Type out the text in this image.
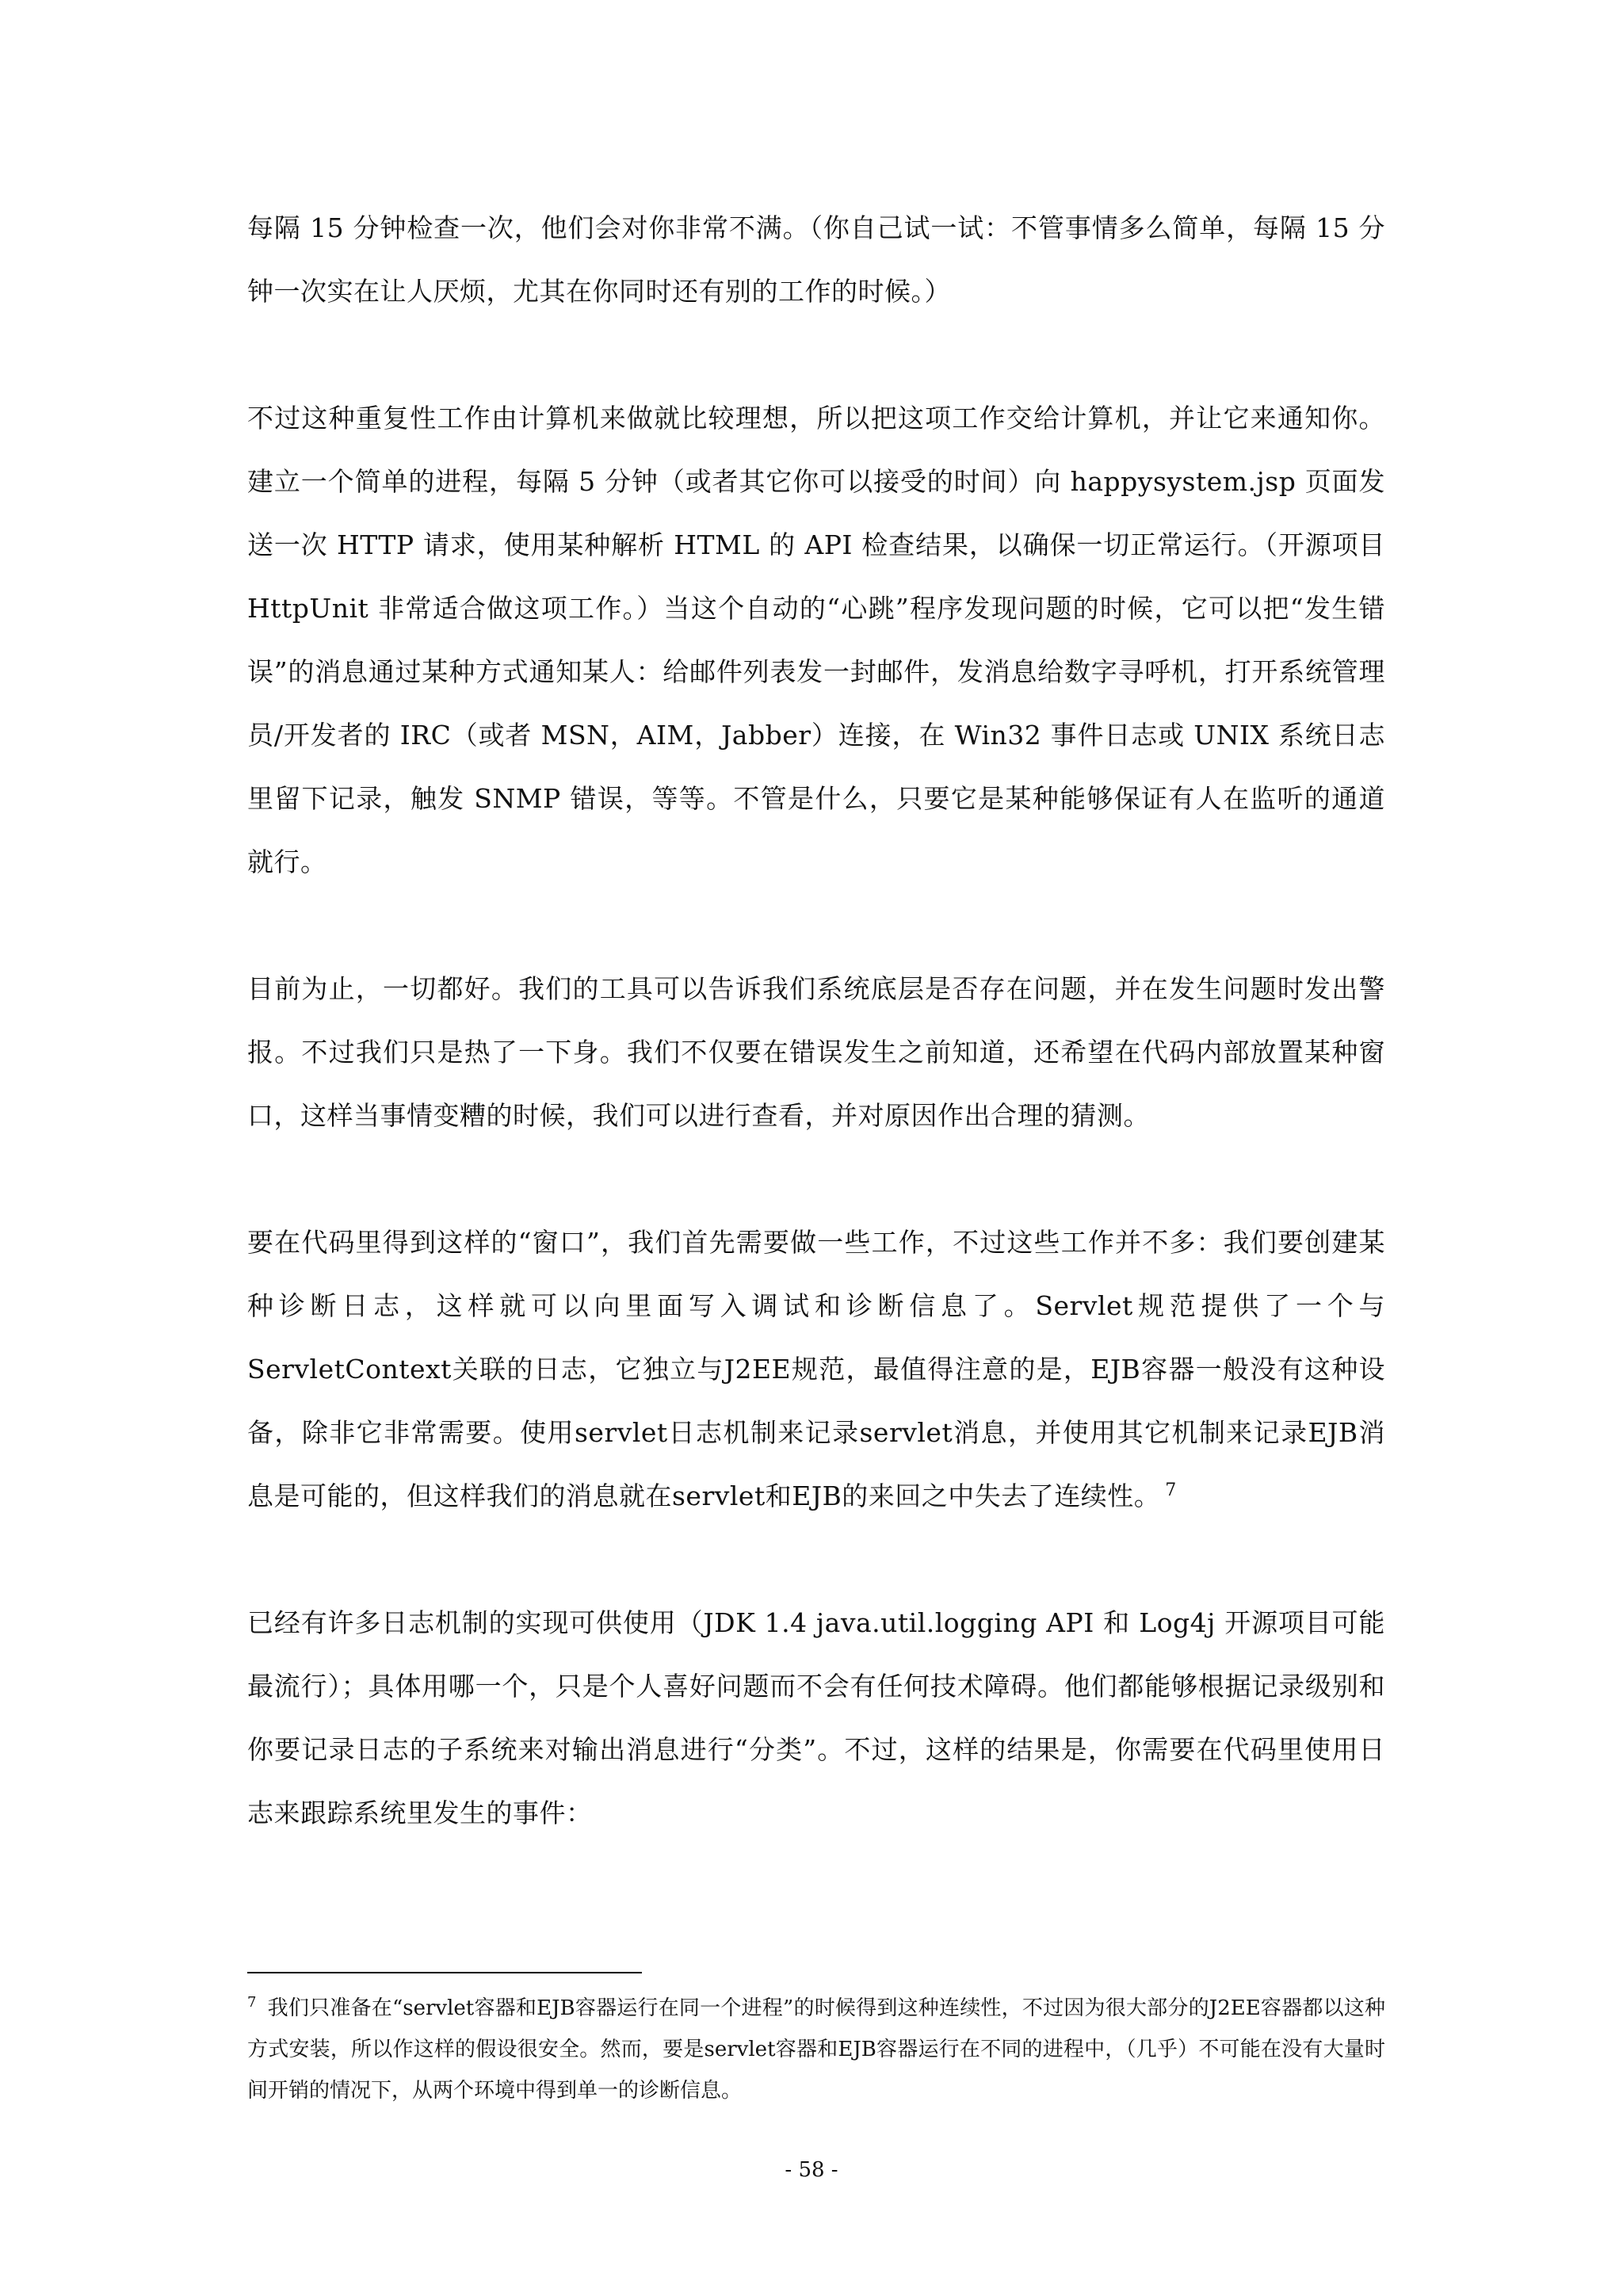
每隔 15 分钟检查一次，他们会对你非常不满。（你自己试一试：不管事情多么简单，每隔 15 分钟一次实在让人厌烦，尤其在你同时还有别的工作的时候。）

不过这种重复性工作由计算机来做就比较理想，所以把这项工作交给计算机，并让它来通知你。建立一个简单的进程，每隔 5 分钟（或者其它你可以接受的时间）向 happysystem.jsp 页面发送一次 HTTP 请求，使用某种解析 HTML 的 API 检查结果，以确保一切正常运行。（开源项目 HttpUnit 非常适合做这项工作。）当这个自动的“心跳”程序发现问题的时候，它可以把“发生错误”的消息通过某种方式通知某人：给邮件列表发一封邮件，发消息给数字寻呼机，打开系统管理员/开发者的 IRC（或者 MSN，AIM，Jabber）连接，在 Win32 事件日志或 UNIX 系统日志里留下记录，触发 SNMP 错误，等等。不管是什么，只要它是某种能够保证有人在监听的通道就行。

目前为止，一切都好。我们的工具可以告诉我们系统底层是否存在问题，并在发生问题时发出警报。不过我们只是热了一下身。我们不仅要在错误发生之前知道，还希望在代码内部放置某种窗口，这样当事情变糟的时候，我们可以进行查看，并对原因作出合理的猜测。

要在代码里得到这样的“窗口”，我们首先需要做一些工作，不过这些工作并不多：我们要创建某种诊断日志，这样就可以向里面写入调试和诊断信息了。Servlet规范提供了一个与ServletContext关联的日志，它独立与J2EE规范，最值得注意的是，EJB容器一般没有这种设备，除非它非常需要。使用servlet日志机制来记录servlet消息，并使用其它机制来记录EJB消息是可能的，但这样我们的消息就在servlet和EJB的来回之中失去了连续性。 $^7$

已经有许多日志机制的实现可供使用（JDK 1.4 java.util.logging API 和 Log4j 开源项目可能最流行）；具体用哪一个，只是个人喜好问题而不会有任何技术障碍。他们都能够根据记录级别和你要记录日志的子系统来对输出消息进行“分类”。不过，这样的结果是，你需要在代码里使用日志来跟踪系统里发生的事件：

$^7$ 我们只准备在“servlet容器和EJB容器运行在同一个进程”的时候得到这种连续性，不过因为很大部分的J2EE容器都以这种方式安装，所以作这样的假设很安全。然而，要是servlet容器和EJB容器运行在不同的进程中，（几乎）不可能在没有大量时间开销的情况下，从两个环境中得到单一的诊断信息。

- 58 -
